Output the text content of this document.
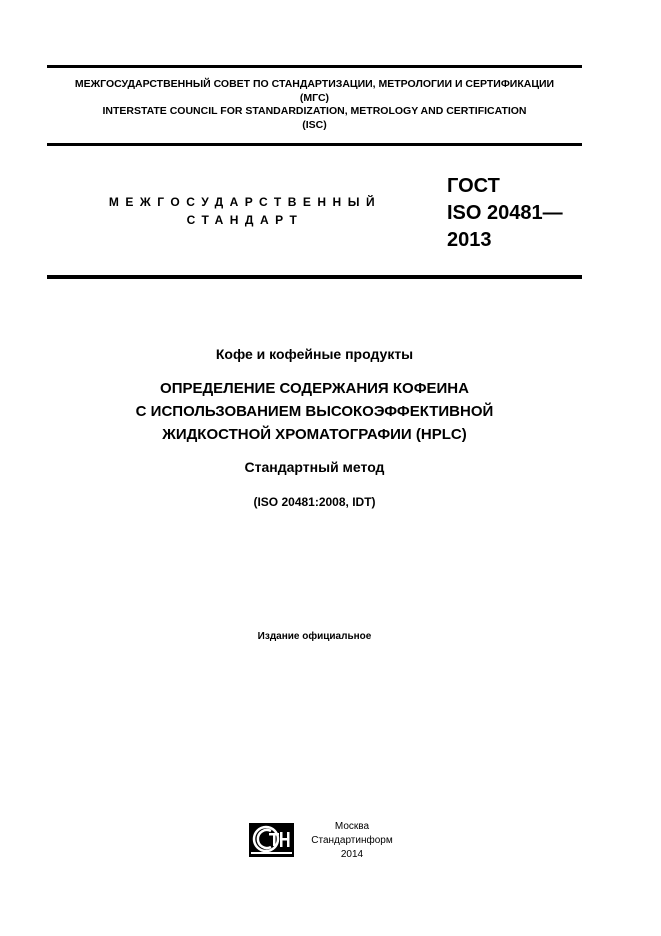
МЕЖГОСУДАРСТВЕННЫЙ СОВЕТ ПО СТАНДАРТИЗАЦИИ, МЕТРОЛОГИИ И СЕРТИФИКАЦИИ
(МГС)
INTERSTATE COUNCIL FOR STANDARDIZATION, METROLOGY AND CERTIFICATION
(ISC)
МЕЖГОСУДАРСТВЕННЫЙ
СТАНДАРТ
ГОСТ
ISO 20481—
2013
Кофе и кофейные продукты
ОПРЕДЕЛЕНИЕ СОДЕРЖАНИЯ КОФЕИНА
С ИСПОЛЬЗОВАНИЕМ ВЫСОКОЭФФЕКТИВНОЙ
ЖИДКОСТНОЙ ХРОМАТОГРАФИИ (HPLC)
Стандартный метод
(ISO 20481:2008, IDT)
Издание официальное
Москва
Стандартинформ
2014
